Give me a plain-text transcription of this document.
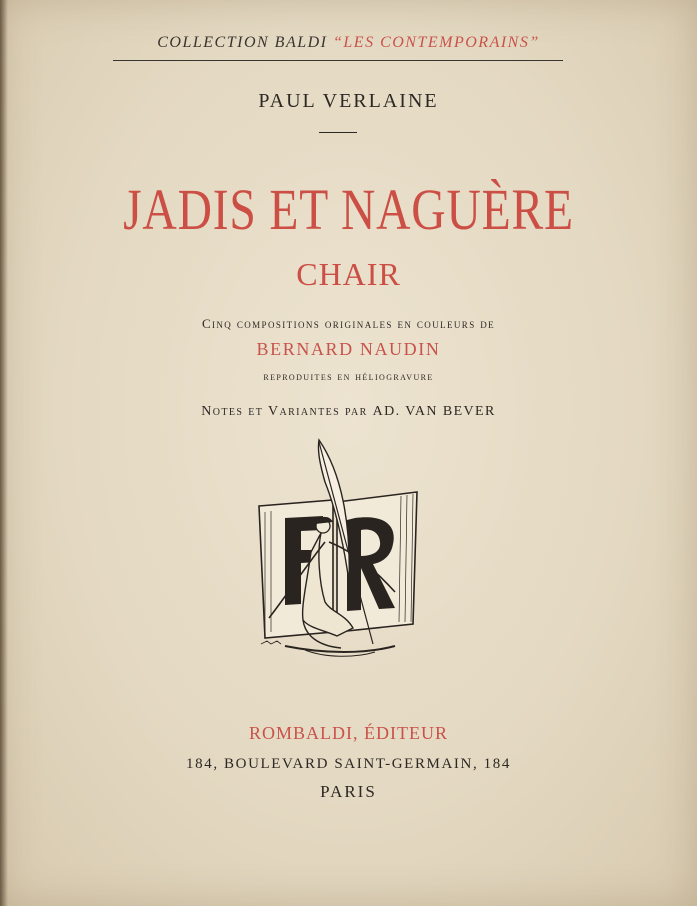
COLLECTION BALDI “LES CONTEMPORAINS”
PAUL VERLAINE
JADIS ET NAGUÈRE
CHAIR
Cinq compositions originales en couleurs de
BERNARD NAUDIN
reproduites en héliogravure
Notes et Variantes par AD. VAN BEVER
ROMBALDI, ÉDITEUR
184, BOULEVARD SAINT-GERMAIN, 184
PARIS
